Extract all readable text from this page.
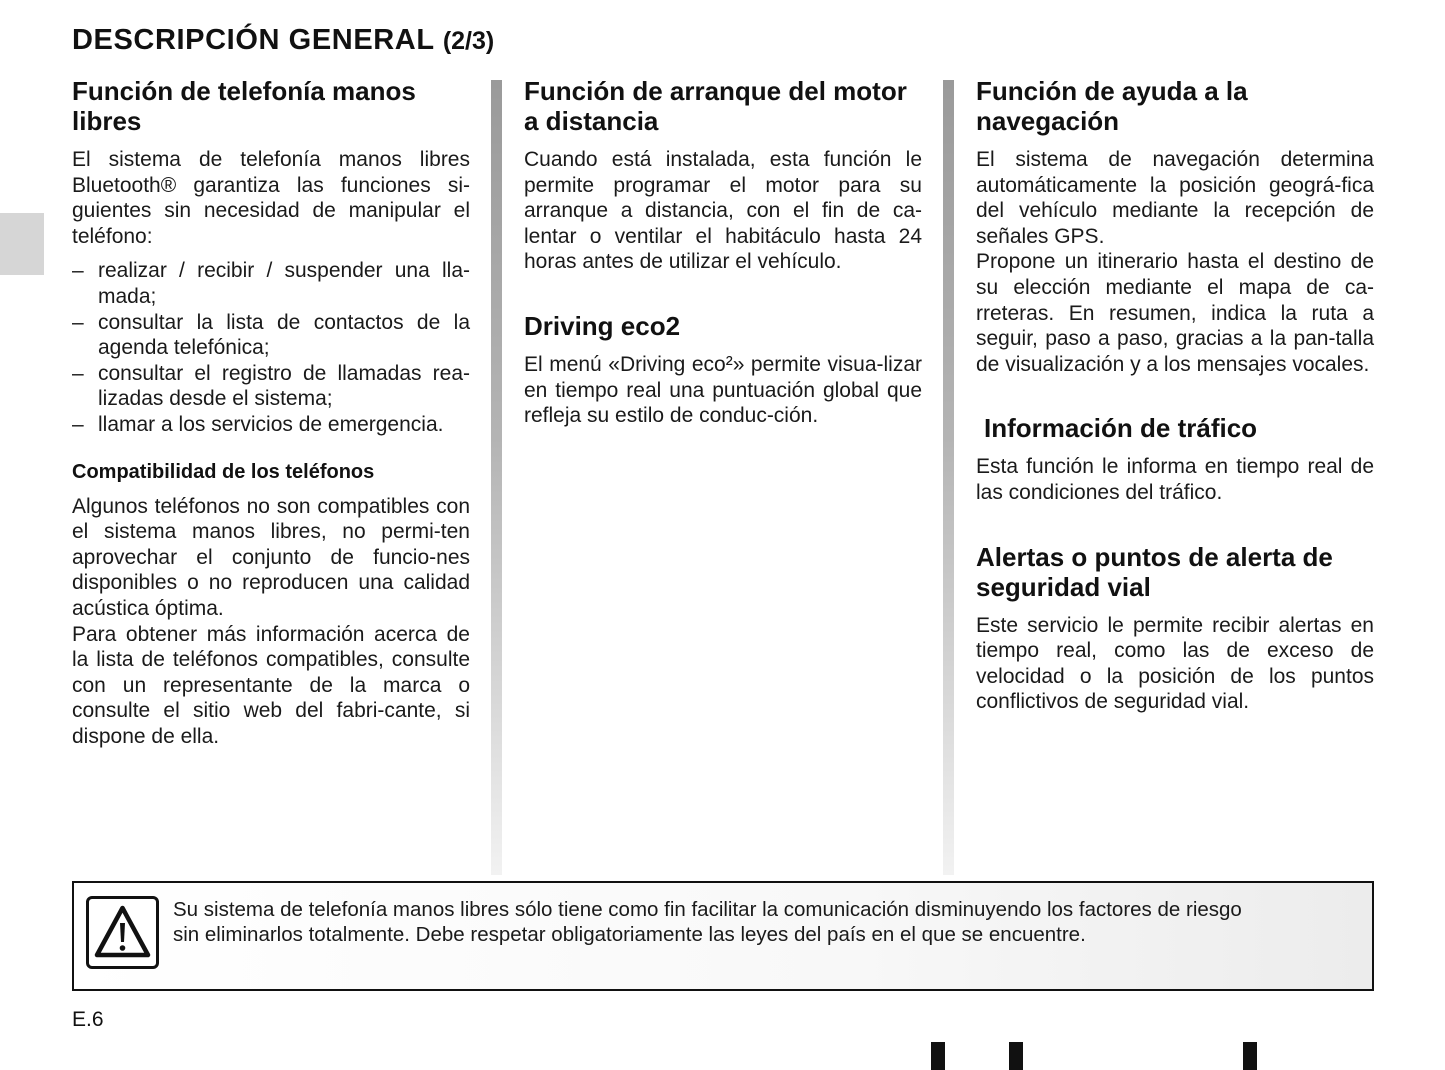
DESCRIPCIÓN GENERAL (2/3)
Función de telefonía manos libres

El sistema de telefonía manos libres Bluetooth® garantiza las funciones si-guientes sin necesidad de manipular el teléfono:

– realizar / recibir / suspender una lla-mada;
– consultar la lista de contactos de la agenda telefónica;
– consultar el registro de llamadas rea-lizadas desde el sistema;
– llamar a los servicios de emergencia.
Compatibilidad de los teléfonos

Algunos teléfonos no son compatibles con el sistema manos libres, no permi-ten aprovechar el conjunto de funcio-nes disponibles o no reproducen una calidad acústica óptima.

Para obtener más información acerca de la lista de teléfonos compatibles, consulte con un representante de la marca o consulte el sitio web del fabri-cante, si dispone de ella.

Función de arranque del motor a distancia

Cuando está instalada, esta función le permite programar el motor para su arranque a distancia, con el fin de ca-lentar o ventilar el habitáculo hasta 24 horas antes de utilizar el vehículo.

Driving eco2

El menú «Driving eco²» permite visua-lizar en tiempo real una puntuación global que refleja su estilo de conduc-ción.

Función de ayuda a la navegación

El sistema de navegación determina automáticamente la posición geográ-fica del vehículo mediante la recepción de señales GPS.

Propone un itinerario hasta el destino de su elección mediante el mapa de ca-rreteras. En resumen, indica la ruta a seguir, paso a paso, gracias a la pan-talla de visualización y a los mensajes vocales.

Información de tráfico

Esta función le informa en tiempo real de las condiciones del tráfico.

Alertas o puntos de alerta de seguridad vial

Este servicio le permite recibir alertas en tiempo real, como las de exceso de velocidad o la posición de los puntos conflictivos de seguridad vial.

Su sistema de telefonía manos libres sólo tiene como fin facilitar la comunicación disminuyendo los factores de riesgo
sin eliminarlos totalmente. Debe respetar obligatoriamente las leyes del país en el que se encuentre.
E.6
